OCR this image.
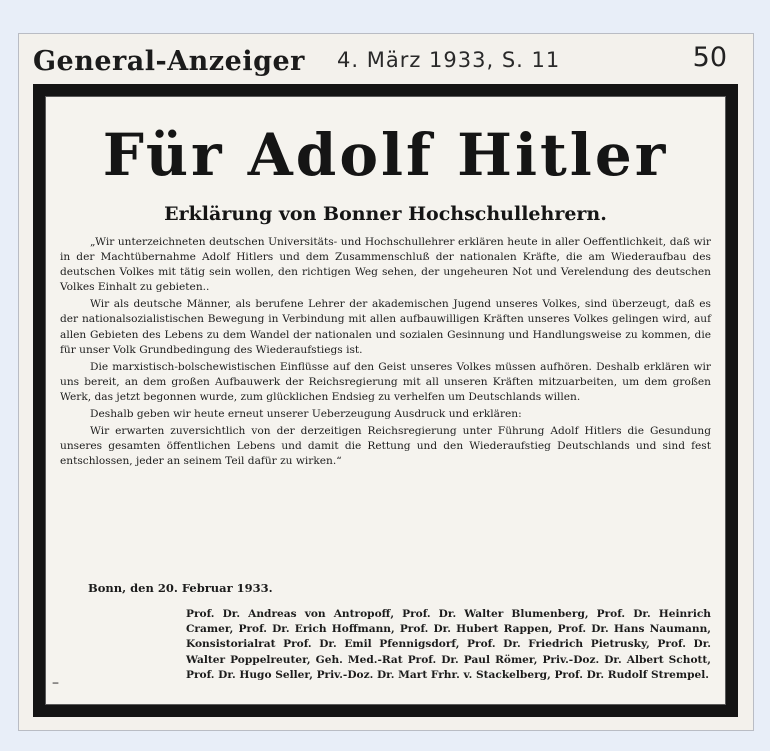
General-Anzeiger 4. März 1933, S. 11	50
Für Adolf Hitler
Erklärung von Bonner Hochschullehrern.

„Wir unterzeichneten deutschen Universitäts- und Hochschullehrer erklären heute in aller Oeffentlichkeit, daß wir in der Machtübernahme Adolf Hitlers und dem Zusammenschluß der nationalen Kräfte, die am Wiederaufbau des deutschen Volkes mit tätig sein wollen, den richtigen Weg sehen, der ungeheuren Not und Verelendung des deutschen Volkes Einhalt zu gebieten..

Wir als deutsche Männer, als berufene Lehrer der akademischen Jugend unseres Volkes, sind überzeugt, daß es der nationalsozialistischen Bewegung in Verbindung mit allen aufbauwilligen Kräften unseres Volkes gelingen wird, auf allen Gebieten des Lebens zu dem Wandel der nationalen und sozialen Gesinnung und Handlungsweise zu kommen, die für unser Volk Grundbedingung des Wiederaufstiegs ist.

Die marxistisch-bolschewistischen Einflüsse auf den Geist unseres Volkes müssen aufhören. Deshalb erklären wir uns bereit, an dem großen Aufbauwerk der Reichsregierung mit all unseren Kräften mitzuarbeiten, um dem großen Werk, das jetzt begonnen wurde, zum glücklichen Endsieg zu verhelfen um Deutschlands willen.

Deshalb geben wir heute erneut unserer Ueberzeugung Ausdruck und erklären:

Wir erwarten zuversichtlich von der derzeitigen Reichsregierung unter Führung Adolf Hitlers die Gesundung unseres gesamten öffentlichen Lebens und damit die Rettung und den Wiederaufstieg Deutschlands und sind fest entschlossen, jeder an seinem Teil dafür zu wirken.“

Bonn, den 20. Februar 1933.
–
Prof. Dr. Andreas von Antropoff, Prof. Dr. Walter Blumenberg, Prof. Dr. Heinrich Cramer, Prof. Dr. Erich Hoffmann, Prof. Dr. Hubert Rappen, Prof. Dr. Hans Naumann, Konsistorialrat Prof. Dr. Emil Pfennigsdorf, Prof. Dr. Friedrich Pietrusky, Prof. Dr. Walter Poppelreuter, Geh. Med.-Rat Prof. Dr. Paul Römer, Priv.-Doz. Dr. Albert Schott, Prof. Dr. Hugo Seller, Priv.-Doz. Dr. Mart Frhr. v. Stackelberg, Prof. Dr. Rudolf Strempel.
